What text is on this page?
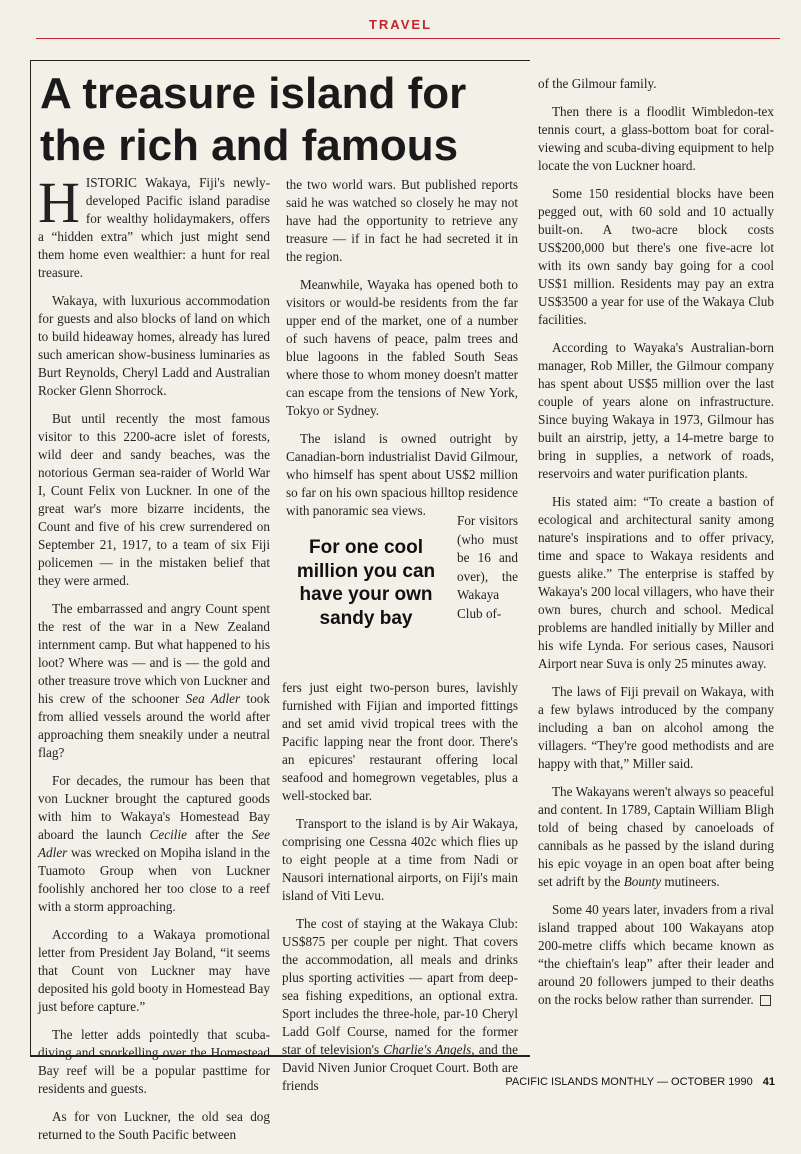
TRAVEL
A treasure island for the rich and famous

HISTORIC Wakaya, Fiji's newly-developed Pacific island paradise for wealthy holidaymakers, offers a “hidden extra” which just might send them home even wealthier: a hunt for real treasure.

Wakaya, with luxurious accommodation for guests and also blocks of land on which to build hideaway homes, already has lured such american show-business luminaries as Burt Reynolds, Cheryl Ladd and Australian Rocker Glenn Shorrock.

But until recently the most famous visitor to this 2200-acre islet of forests, wild deer and sandy beaches, was the notorious German sea-raider of World War I, Count Felix von Luckner. In one of the great war's more bizarre incidents, the Count and five of his crew surrendered on September 21, 1917, to a team of six Fiji policemen — in the mistaken belief that they were armed.

The embarrassed and angry Count spent the rest of the war in a New Zealand internment camp. But what happened to his loot? Where was — and is — the gold and other treasure trove which von Luckner and his crew of the schooner Sea Adler took from allied vessels around the world after approaching them sneakily under a neutral flag?

For decades, the rumour has been that von Luckner brought the captured goods with him to Wakaya's Homestead Bay aboard the launch Cecilie after the See Adler was wrecked on Mopiha island in the Tuamoto Group when von Luckner foolishly anchored her too close to a reef with a storm approaching.

According to a Wakaya promotional letter from President Jay Boland, “it seems that Count von Luckner may have deposited his gold booty in Homestead Bay just before capture.”

The letter adds pointedly that scuba-diving and snorkelling over the Homestead Bay reef will be a popular pasttime for residents and guests.

As for von Luckner, the old sea dog returned to the South Pacific between

the two world wars. But published reports said he was watched so closely he may not have had the opportunity to retrieve any treasure — if in fact he had secreted it in the region.

Meanwhile, Wayaka has opened both to visitors or would-be residents from the far upper end of the market, one of a number of such havens of peace, palm trees and blue lagoons in the fabled South Seas where those to whom money doesn't matter can escape from the tensions of New York, Tokyo or Sydney.

The island is owned outright by Canadian-born industrialist David Gilmour, who himself has spent about US$2 million so far on his own spacious hilltop residence with panoramic sea views.

For one cool million you can have your own sandy bay
For visitors (who must be 16 and over), the Wakaya Club of-

fers just eight two-person bures, lavishly furnished with Fijian and imported fittings and set amid vivid tropical trees with the Pacific lapping near the front door. There's an epicures' restaurant offering local seafood and homegrown vegetables, plus a well-stocked bar.

Transport to the island is by Air Wakaya, comprising one Cessna 402c which flies up to eight people at a time from Nadi or Nausori international airports, on Fiji's main island of Viti Levu.

The cost of staying at the Wakaya Club: US$875 per couple per night. That covers the accommodation, all meals and drinks plus sporting activities — apart from deep-sea fishing expeditions, an optional extra. Sport includes the three-hole, par-10 Cheryl Ladd Golf Course, named for the former star of television's Charlie's Angels, and the David Niven Junior Croquet Court. Both are friends

of the Gilmour family.

Then there is a floodlit Wimbledon-tex tennis court, a glass-bottom boat for coral-viewing and scuba-diving equipment to help locate the von Luckner hoard.

Some 150 residential blocks have been pegged out, with 60 sold and 10 actually built-on. A two-acre block costs US$200,000 but there's one five-acre lot with its own sandy bay going for a cool US$1 million. Residents may pay an extra US$3500 a year for use of the Wakaya Club facilities.

According to Wayaka's Australian-born manager, Rob Miller, the Gilmour company has spent about US$5 million over the last couple of years alone on infrastructure. Since buying Wakaya in 1973, Gilmour has built an airstrip, jetty, a 14-metre barge to bring in supplies, a network of roads, reservoirs and water purification plants.

His stated aim: “To create a bastion of ecological and architectural sanity among nature's inspirations and to offer privacy, time and space to Wakaya residents and guests alike.” The enterprise is staffed by Wakaya's 200 local villagers, who have their own bures, church and school. Medical problems are handled initially by Miller and his wife Lynda. For serious cases, Nausori Airport near Suva is only 25 minutes away.

The laws of Fiji prevail on Wakaya, with a few bylaws introduced by the company including a ban on alcohol among the villagers. “They're good methodists and are happy with that,” Miller said.

The Wakayans weren't always so peaceful and content. In 1789, Captain William Bligh told of being chased by canoeloads of cannibals as he passed by the island during his epic voyage in an open boat after being set adrift by the Bounty mutineers.

Some 40 years later, invaders from a rival island trapped about 100 Wakayans atop 200-metre cliffs which became known as “the chieftain's leap” after their leader and around 20 followers jumped to their deaths on the rocks below rather than surrender.

PACIFIC ISLANDS MONTHLY — OCTOBER 1990 41
